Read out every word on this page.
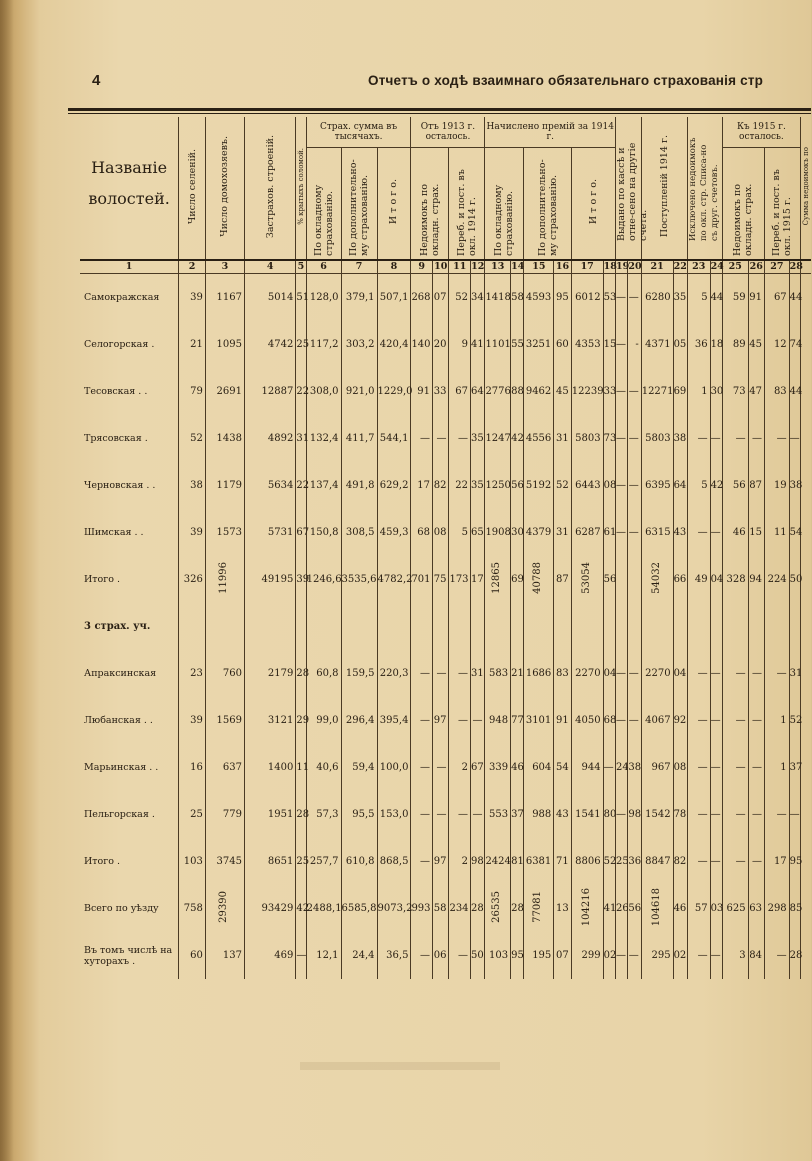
4	Отчетъ о ходѣ взаимнаго обязательнаго страхованія стр
Названіе
волостей.	Число селеній.	Число домохозяевъ.	Застрахов. строеній.	% крытыхъ соломой.	Страх. сумма въ тысячахъ.			Отъ 1913 г. осталось.				Начислено премій за 1914 г.						Выдано по кассѣ и отне-сено на другіе счета.		Поступленій 1914 г.		Исключено недоимокъ по окл. стр. Списа-но съ друг. счетовъ.		Къ 1915 г. осталось.				Сумма недоимокъ по
					По окладному страхованію.	По дополнительно-му страхованію.	И т о г о.	Недоимокъ по окладн. страх.		Переб. и пост. въ окл. 1914 г.		По окладному страхованію.		По дополнительно-му страхованію.		И т о г о.								Недоимокъ по окладн. страх.		Переб. и пост. въ окл. 1915 г.		
1	2	3	4	5	6	7	8	9	10	11	12	13	14	15	16	17	18	19	20	21	22	23	24	25	26	27	28	
Самокражская	39	1167	5014	51	128,0	379,1	507,1	268	07	52	34	1418	58	4593	95	6012	53	—	—	6280	35	5	44	59	91	67	44	
Селогорская .	21	1095	4742	25	117,2	303,2	420,4	140	20	9	41	1101	55	3251	60	4353	15	—	-	4371	05	36	18	89	45	12	74	
Тесовская . .	79	2691	12887	22	308,0	921,0	1229,0	91	33	67	64	2776	88	9462	45	12239	33	—	—	12271	69	1	30	73	47	83	44	
Трясовская .	52	1438	4892	31	132,4	411,7	544,1	—	—	—	35	1247	42	4556	31	5803	73	—	—	5803	38	—	—	—	—	—	—	
Черновская . .	38	1179	5634	22	137,4	491,8	629,2	17	82	22	35	1250	56	5192	52	6443	08	—	—	6395	64	5	42	56	87	19	38	
Шимская . .	39	1573	5731	67	150,8	308,5	459,3	68	08	5	65	1908	30	4379	31	6287	61	—	—	6315	43	—	—	46	15	11	54	
Итого .	326	11996	49195	39	1246,6	3535,6	4782,2	701	75	173	17	12865	69	40788	87	53054	56			54032	66	49	04	328	94	224	50	
3 страх. уч.																												
Апраксинская	23	760	2179	28	60,8	159,5	220,3	—	—	—	31	583	21	1686	83	2270	04	—	—	2270	04	—	—	—	—	—	31	
Любанская . .	39	1569	3121	29	99,0	296,4	395,4	—	97	—	—	948	77	3101	91	4050	68	—	—	4067	92	—	—	—	—	1	52	
Марьинская . .	16	637	1400	11	40,6	59,4	100,0	—	—	2	67	339	46	604	54	944	—	24	38	967	08	—	—	—	—	1	37	
Пельгорская .	25	779	1951	28	57,3	95,5	153,0	—	—	—	—	553	37	988	43	1541	80	—	98	1542	78	—	—	—	—	—	—	
Итого .	103	3745	8651	25	257,7	610,8	868,5	—	97	2	98	2424	81	6381	71	8806	52	25	36	8847	82	—	—	—	—	17	95	
Всего по уѣзду	758	29390	93429	42	2488,1	6585,8	9073,2	993	58	234	28	26535	28	77081	13	104216	41	26	56	104618	46	57	03	625	63	298	85	
Въ томъ числѣ на хуторахъ .	60	137	469	—	12,1	24,4	36,5	—	06	—	50	103	95	195	07	299	02	—	—	295	02	—	—	3	84	—	28	
